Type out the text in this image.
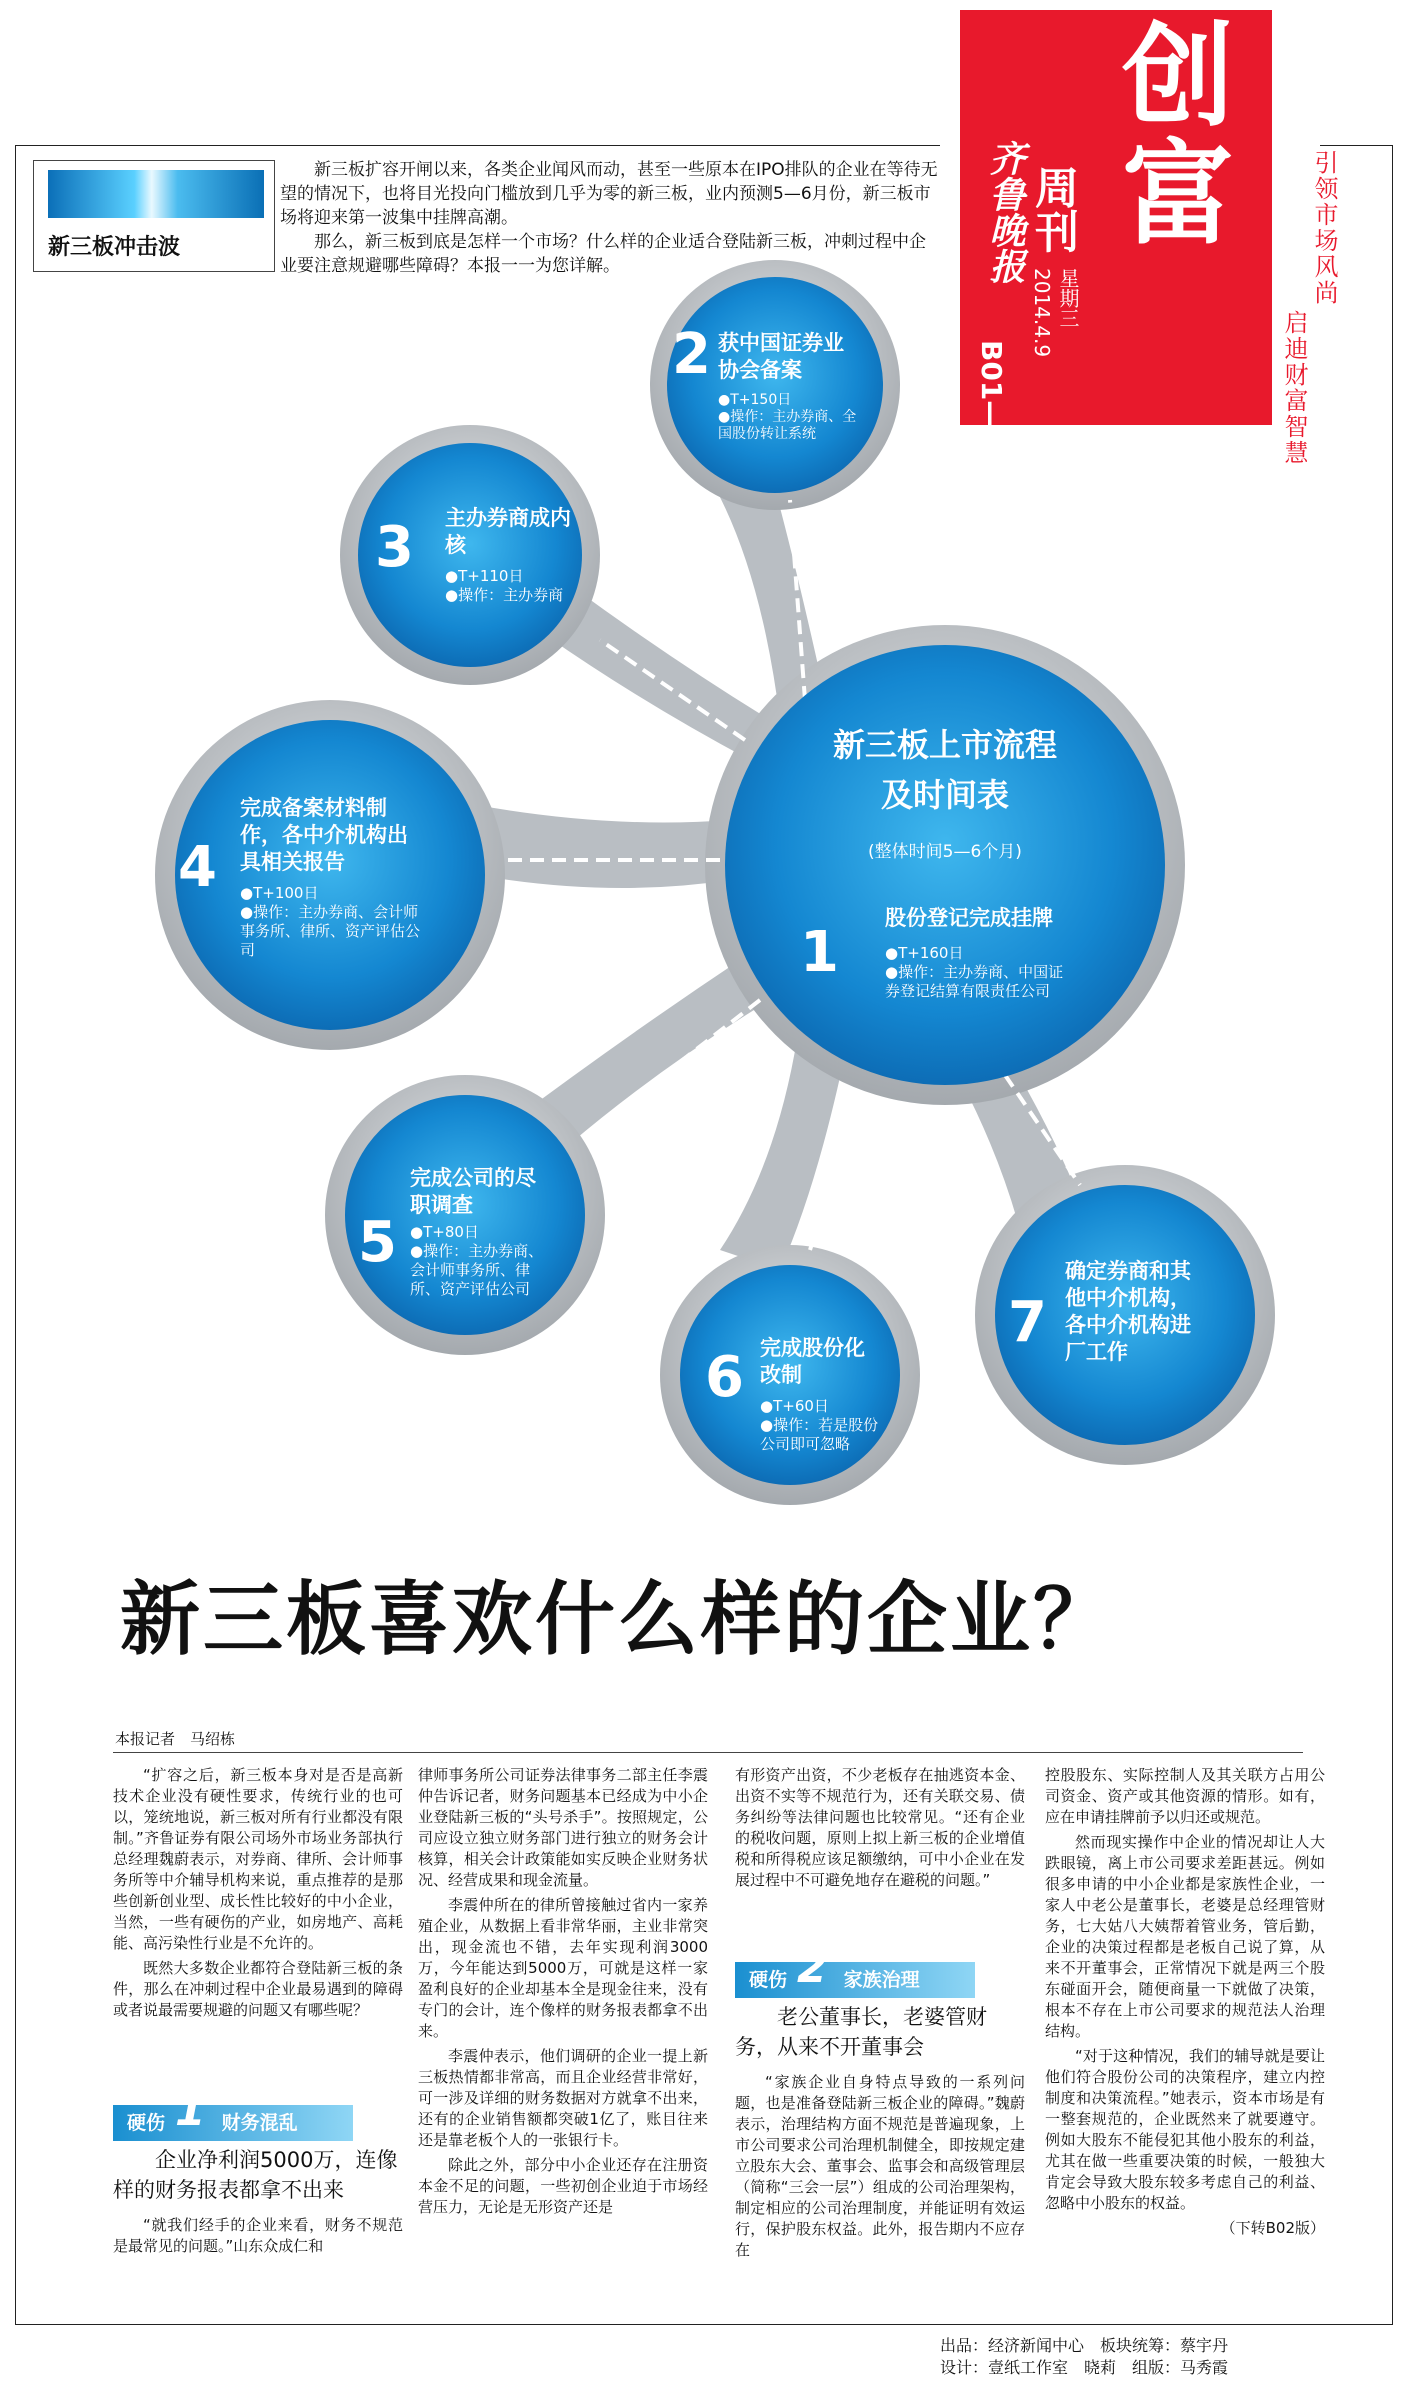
创
富
齐鲁晚报 周刊
星期三
2014.4.9
B01—B04
引领市场风尚
启迪财富智慧
新三板冲击波
新三板扩容开闸以来，各类企业闻风而动，甚至一些原本在IPO排队的企业在等待无望的情况下，也将目光投向门槛放到几乎为零的新三板，业内预测5—6月份，新三板市场将迎来第一波集中挂牌高潮。
那么，新三板到底是怎样一个市场？什么样的企业适合登陆新三板，冲刺过程中企业要注意规避哪些障碍？本报一一为您详解。
新三板上市流程
及时间表
(整体时间5—6个月)
1
股份登记完成挂牌
●T+160日
●操作：主办券商、中国证券登记结算有限责任公司
2 获中国证券业协会备案
●T+150日
●操作：主办券商、全国股份转让系统
3 主办券商成内核
●T+110日
●操作：主办券商
4
完成备案材料制作，各中介机构出具相关报告
●T+100日
●操作：主办券商、会计师事务所、律所、资产评估公司
5
完成公司的尽职调查
●T+80日
●操作：主办券商、会计师事务所、律所、资产评估公司
6 完成股份化改制
●T+60日
●操作：若是股份公司即可忽略
7
确定券商和其他中介机构，各中介机构进厂工作
新三板喜欢什么样的企业？
本报记者　马绍栋

“扩容之后，新三板本身对是否是高新技术企业没有硬性要求，传统行业的也可以，笼统地说，新三板对所有行业都没有限制。”齐鲁证券有限公司场外市场业务部执行总经理魏蔚表示，对券商、律所、会计师事务所等中介辅导机构来说，重点推荐的是那些创新创业型、成长性比较好的中小企业，当然，一些有硬伤的产业，如房地产、高耗能、高污染性行业是不允许的。

既然大多数企业都符合登陆新三板的条件，那么在冲刺过程中企业最易遇到的障碍或者说最需要规避的问题又有哪些呢？

硬伤	财务混乱
1
企业净利润5000万，连像样的财务报表都拿不出来

“就我们经手的企业来看，财务不规范是最常见的问题。”山东众成仁和

律师事务所公司证券法律事务二部主任李震仲告诉记者，财务问题基本已经成为中小企业登陆新三板的“头号杀手”。按照规定，公司应设立独立财务部门进行独立的财务会计核算，相关会计政策能如实反映企业财务状况、经营成果和现金流量。

李震仲所在的律所曾接触过省内一家养殖企业，从数据上看非常华丽，主业非常突出，现金流也不错，去年实现利润3000万，今年能达到5000万，可就是这样一家盈利良好的企业却基本全是现金往来，没有专门的会计，连个像样的财务报表都拿不出来。

李震仲表示，他们调研的企业一提上新三板热情都非常高，而且企业经营非常好，可一涉及详细的财务数据对方就拿不出来，还有的企业销售额都突破1亿了，账目往来还是靠老板个人的一张银行卡。

除此之外，部分中小企业还存在注册资本金不足的问题，一些初创企业迫于市场经营压力，无论是无形资产还是

有形资产出资，不少老板存在抽逃资本金、出资不实等不规范行为，还有关联交易、债务纠纷等法律问题也比较常见。“还有企业的税收问题，原则上拟上新三板的企业增值税和所得税应该足额缴纳，可中小企业在发展过程中不可避免地存在避税的问题。”

硬伤	家族治理
2
老公董事长，老婆管财务，从来不开董事会

“家族企业自身特点导致的一系列问题，也是准备登陆新三板企业的障碍。”魏蔚表示，治理结构方面不规范是普遍现象，上市公司要求公司治理机制健全，即按规定建立股东大会、董事会、监事会和高级管理层（简称“三会一层”）组成的公司治理架构，制定相应的公司治理制度，并能证明有效运行，保护股东权益。此外，报告期内不应存在

控股股东、实际控制人及其关联方占用公司资金、资产或其他资源的情形。如有，应在申请挂牌前予以归还或规范。

然而现实操作中企业的情况却让人大跌眼镜，离上市公司要求差距甚远。例如很多申请的中小企业都是家族性企业，一家人中老公是董事长，老婆是总经理管财务，七大姑八大姨帮着管业务，管后勤，企业的决策过程都是老板自己说了算，从来不开董事会，正常情况下就是两三个股东碰面开会，随便商量一下就做了决策，根本不存在上市公司要求的规范法人治理结构。

“对于这种情况，我们的辅导就是要让他们符合股份公司的决策程序，建立内控制度和决策流程。”她表示，资本市场是有一整套规范的，企业既然来了就要遵守。例如大股东不能侵犯其他小股东的利益，尤其在做一些重要决策的时候，一般独大肯定会导致大股东较多考虑自己的利益、忽略中小股东的权益。

（下转B02版）

出品：经济新闻中心　板块统筹：蔡宇丹
设计：壹纸工作室　晓莉　组版：马秀霞
